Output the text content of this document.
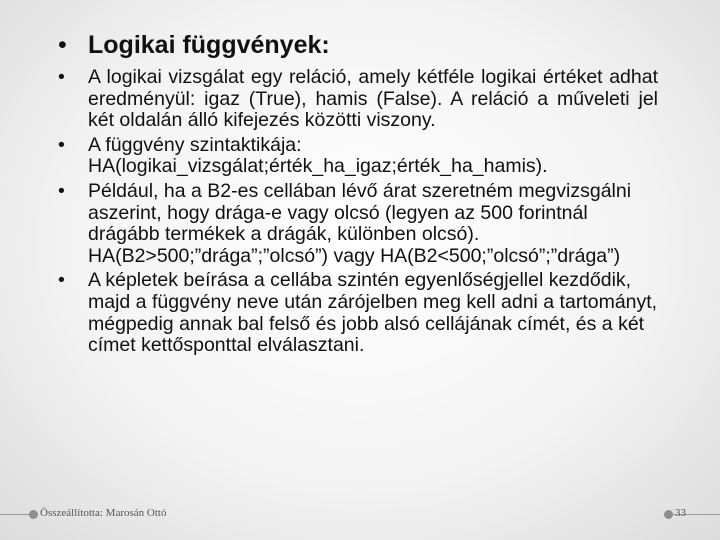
• Logikai függvények:
•	A logikai vizsgálat egy reláció, amely kétféle logikai értéket adhat eredményül: igaz (True), hamis (False). A reláció a műveleti jel két oldalán álló kifejezés közötti viszony.
•	A függvény szintaktikája: HA(logikai_vizsgálat;érték_ha_igaz;érték_ha_hamis).
•	Például, ha a B2-es cellában lévő árat szeretném megvizsgálni aszerint, hogy drága-e vagy olcsó (legyen az 500 forintnál drágább termékek a drágák, különben olcsó). HA(B2>500;”drága”;”olcsó”) vagy HA(B2<500;”olcsó”;”drága”)
•	A képletek beírása a cellába szintén egyenlőségjellel kezdődik, majd a függvény neve után zárójelben meg kell adni a tartományt, mégpedig annak bal felső és jobb alsó cellájának címét, és a két címet kettősponttal elválasztani.
Összeállította: Marosán Ottó	33
